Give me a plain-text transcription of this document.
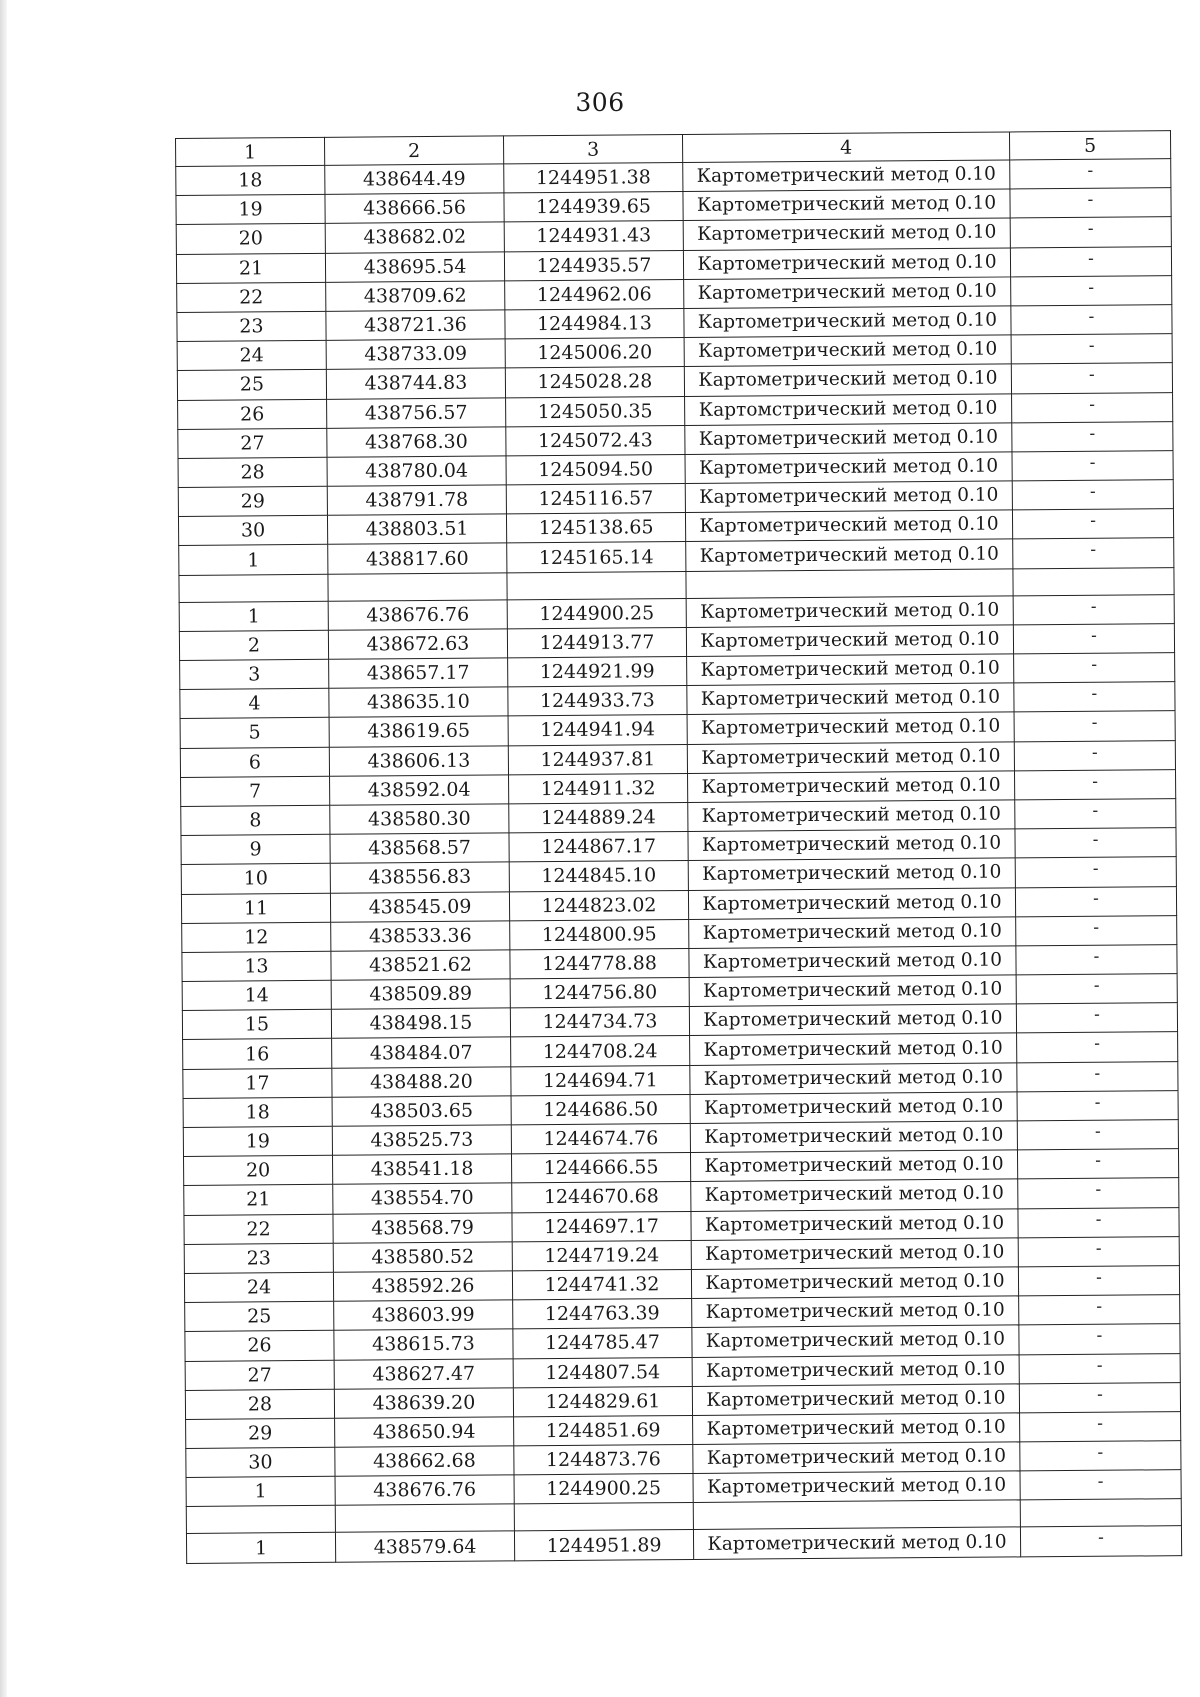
306
1	2	3	4	5
18	438644.49	1244951.38	Картометрический метод 0.10	-
19	438666.56	1244939.65	Картометрический метод 0.10	-
20	438682.02	1244931.43	Картометрический метод 0.10	-
21	438695.54	1244935.57	Картометрический метод 0.10	-
22	438709.62	1244962.06	Картометрический метод 0.10	-
23	438721.36	1244984.13	Картометрический метод 0.10	-
24	438733.09	1245006.20	Картометрический метод 0.10	-
25	438744.83	1245028.28	Картометрический метод 0.10	-
26	438756.57	1245050.35	Картомстрический метод 0.10	-
27	438768.30	1245072.43	Картометрический метод 0.10	-
28	438780.04	1245094.50	Картометрический метод 0.10	-
29	438791.78	1245116.57	Картометрический метод 0.10	-
30	438803.51	1245138.65	Картометрический метод 0.10	-
1	438817.60	1245165.14	Картометрический метод 0.10	-

1	438676.76	1244900.25	Картометрический метод 0.10	-
2	438672.63	1244913.77	Картометрический метод 0.10	-
3	438657.17	1244921.99	Картометрический метод 0.10	-
4	438635.10	1244933.73	Картометрический метод 0.10	-
5	438619.65	1244941.94	Картометрический метод 0.10	-
6	438606.13	1244937.81	Картометрический метод 0.10	-
7	438592.04	1244911.32	Картометрический метод 0.10	-
8	438580.30	1244889.24	Картометрический метод 0.10	-
9	438568.57	1244867.17	Картометрический метод 0.10	-
10	438556.83	1244845.10	Картометрический метод 0.10	-
11	438545.09	1244823.02	Картометрический метод 0.10	-
12	438533.36	1244800.95	Картометрический метод 0.10	-
13	438521.62	1244778.88	Картометрический метод 0.10	-
14	438509.89	1244756.80	Картометрический метод 0.10	-
15	438498.15	1244734.73	Картометрический метод 0.10	-
16	438484.07	1244708.24	Картометрический метод 0.10	-
17	438488.20	1244694.71	Картометрический метод 0.10	-
18	438503.65	1244686.50	Картометрический метод 0.10	-
19	438525.73	1244674.76	Картометрический метод 0.10	-
20	438541.18	1244666.55	Картометрический метод 0.10	-
21	438554.70	1244670.68	Картометрический метод 0.10	-
22	438568.79	1244697.17	Картометрический метод 0.10	-
23	438580.52	1244719.24	Картометрический метод 0.10	-
24	438592.26	1244741.32	Картометрический метод 0.10	-
25	438603.99	1244763.39	Картометрический метод 0.10	-
26	438615.73	1244785.47	Картометрический метод 0.10	-
27	438627.47	1244807.54	Картометрический метод 0.10	-
28	438639.20	1244829.61	Картометрический метод 0.10	-
29	438650.94	1244851.69	Картометрический метод 0.10	-
30	438662.68	1244873.76	Картометрический метод 0.10	-
1	438676.76	1244900.25	Картометрический метод 0.10	-

1	438579.64	1244951.89	Картометрический метод 0.10	-
